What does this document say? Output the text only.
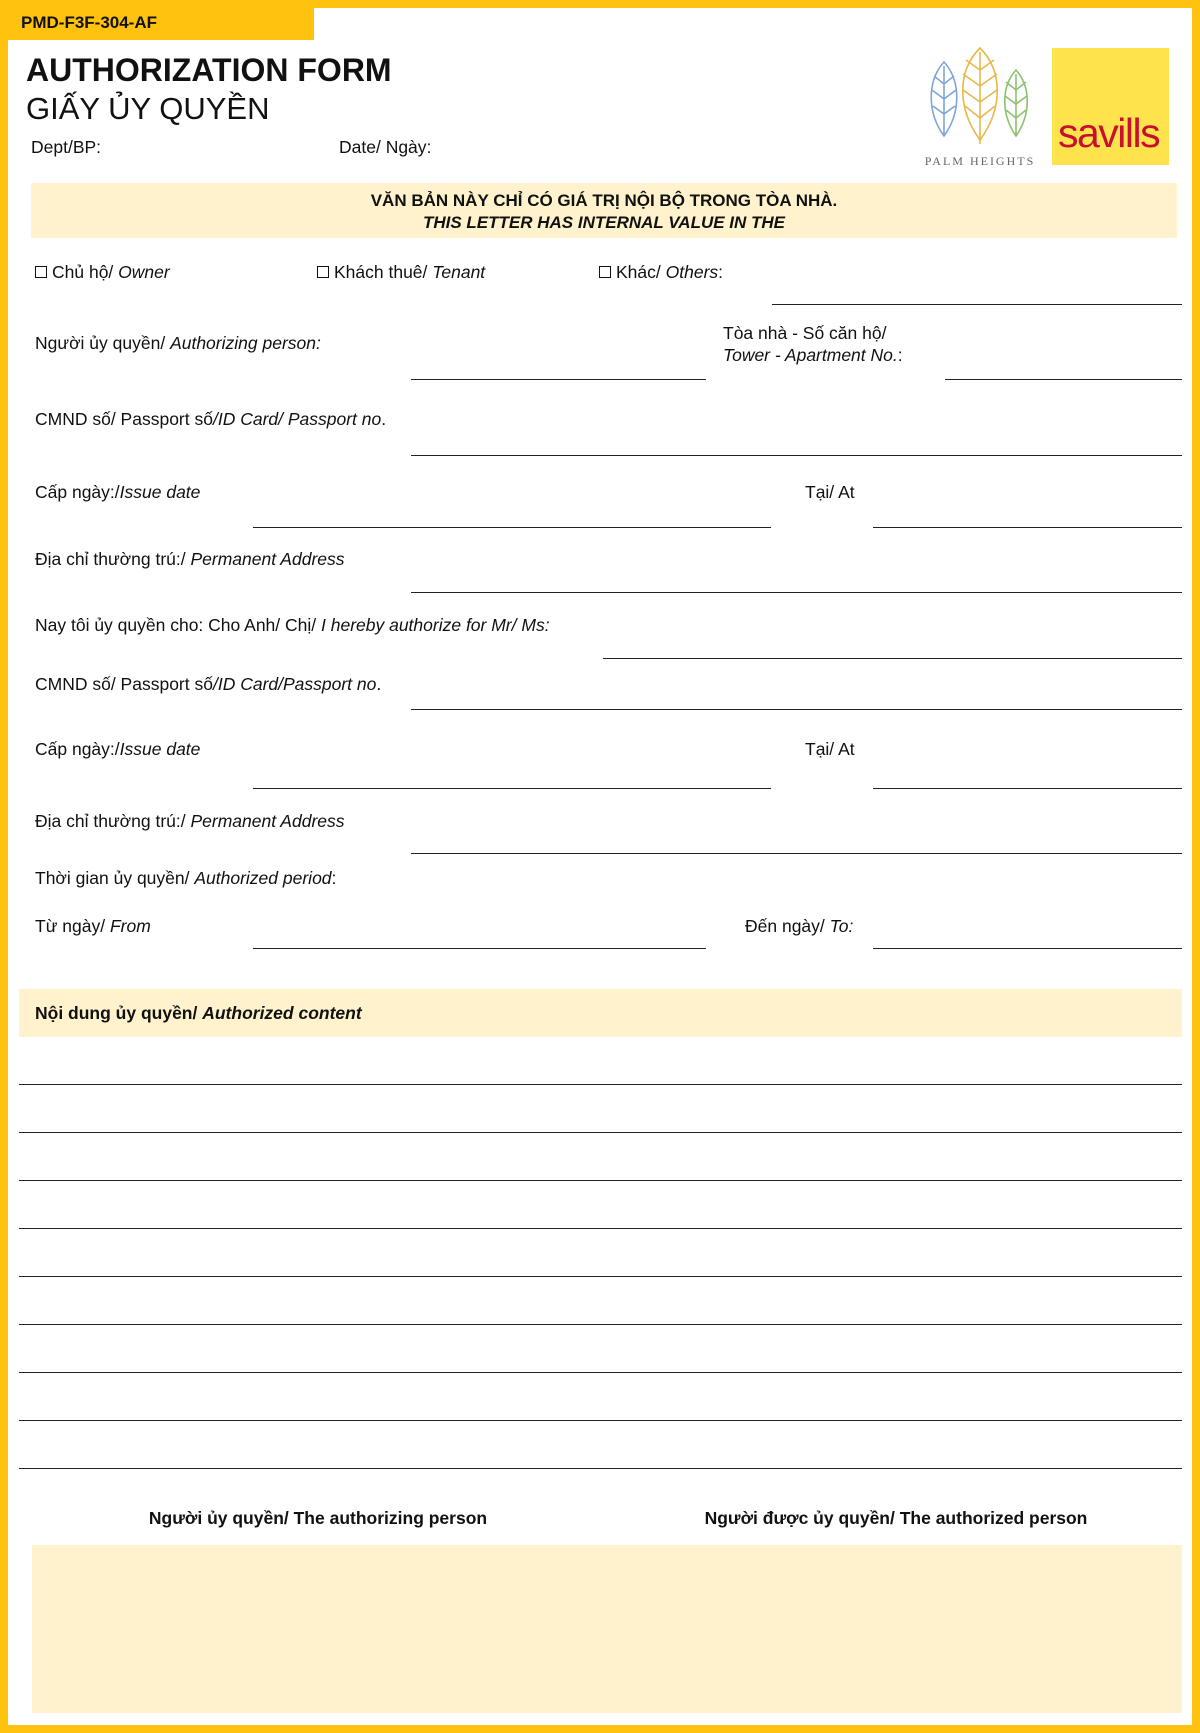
PMD-F3F-304-AF
AUTHORIZATION FORM
GIẤY ỦY QUYỀN
Dept/BP:	Date/ Ngày:
PALM HEIGHTS
savills
VĂN BẢN NÀY CHỈ CÓ GIÁ TRỊ NỘI BỘ TRONG TÒA NHÀ.
THIS LETTER HAS INTERNAL VALUE IN THE
Chủ hộ/ Owner	Khách thuê/ Tenant	Khác/ Others:
Người ủy quyền/ Authorizing person:	Tòa nhà - Số căn hộ/
Tower - Apartment No.:
CMND số/ Passport số/ID Card/ Passport no.
Cấp ngày:/Issue date	Tại/ At
Địa chỉ thường trú:/ Permanent Address
Nay tôi ủy quyền cho: Cho Anh/ Chị/ I hereby authorize for Mr/ Ms:
CMND số/ Passport số/ID Card/Passport no.
Cấp ngày:/Issue date	Tại/ At
Địa chỉ thường trú:/ Permanent Address
Thời gian ủy quyền/ Authorized period:
Từ ngày/ From	Đến ngày/ To:
Nội dung ủy quyền/ Authorized content
Người ủy quyền/ The authorizing person	Người được ủy quyền/ The authorized person
